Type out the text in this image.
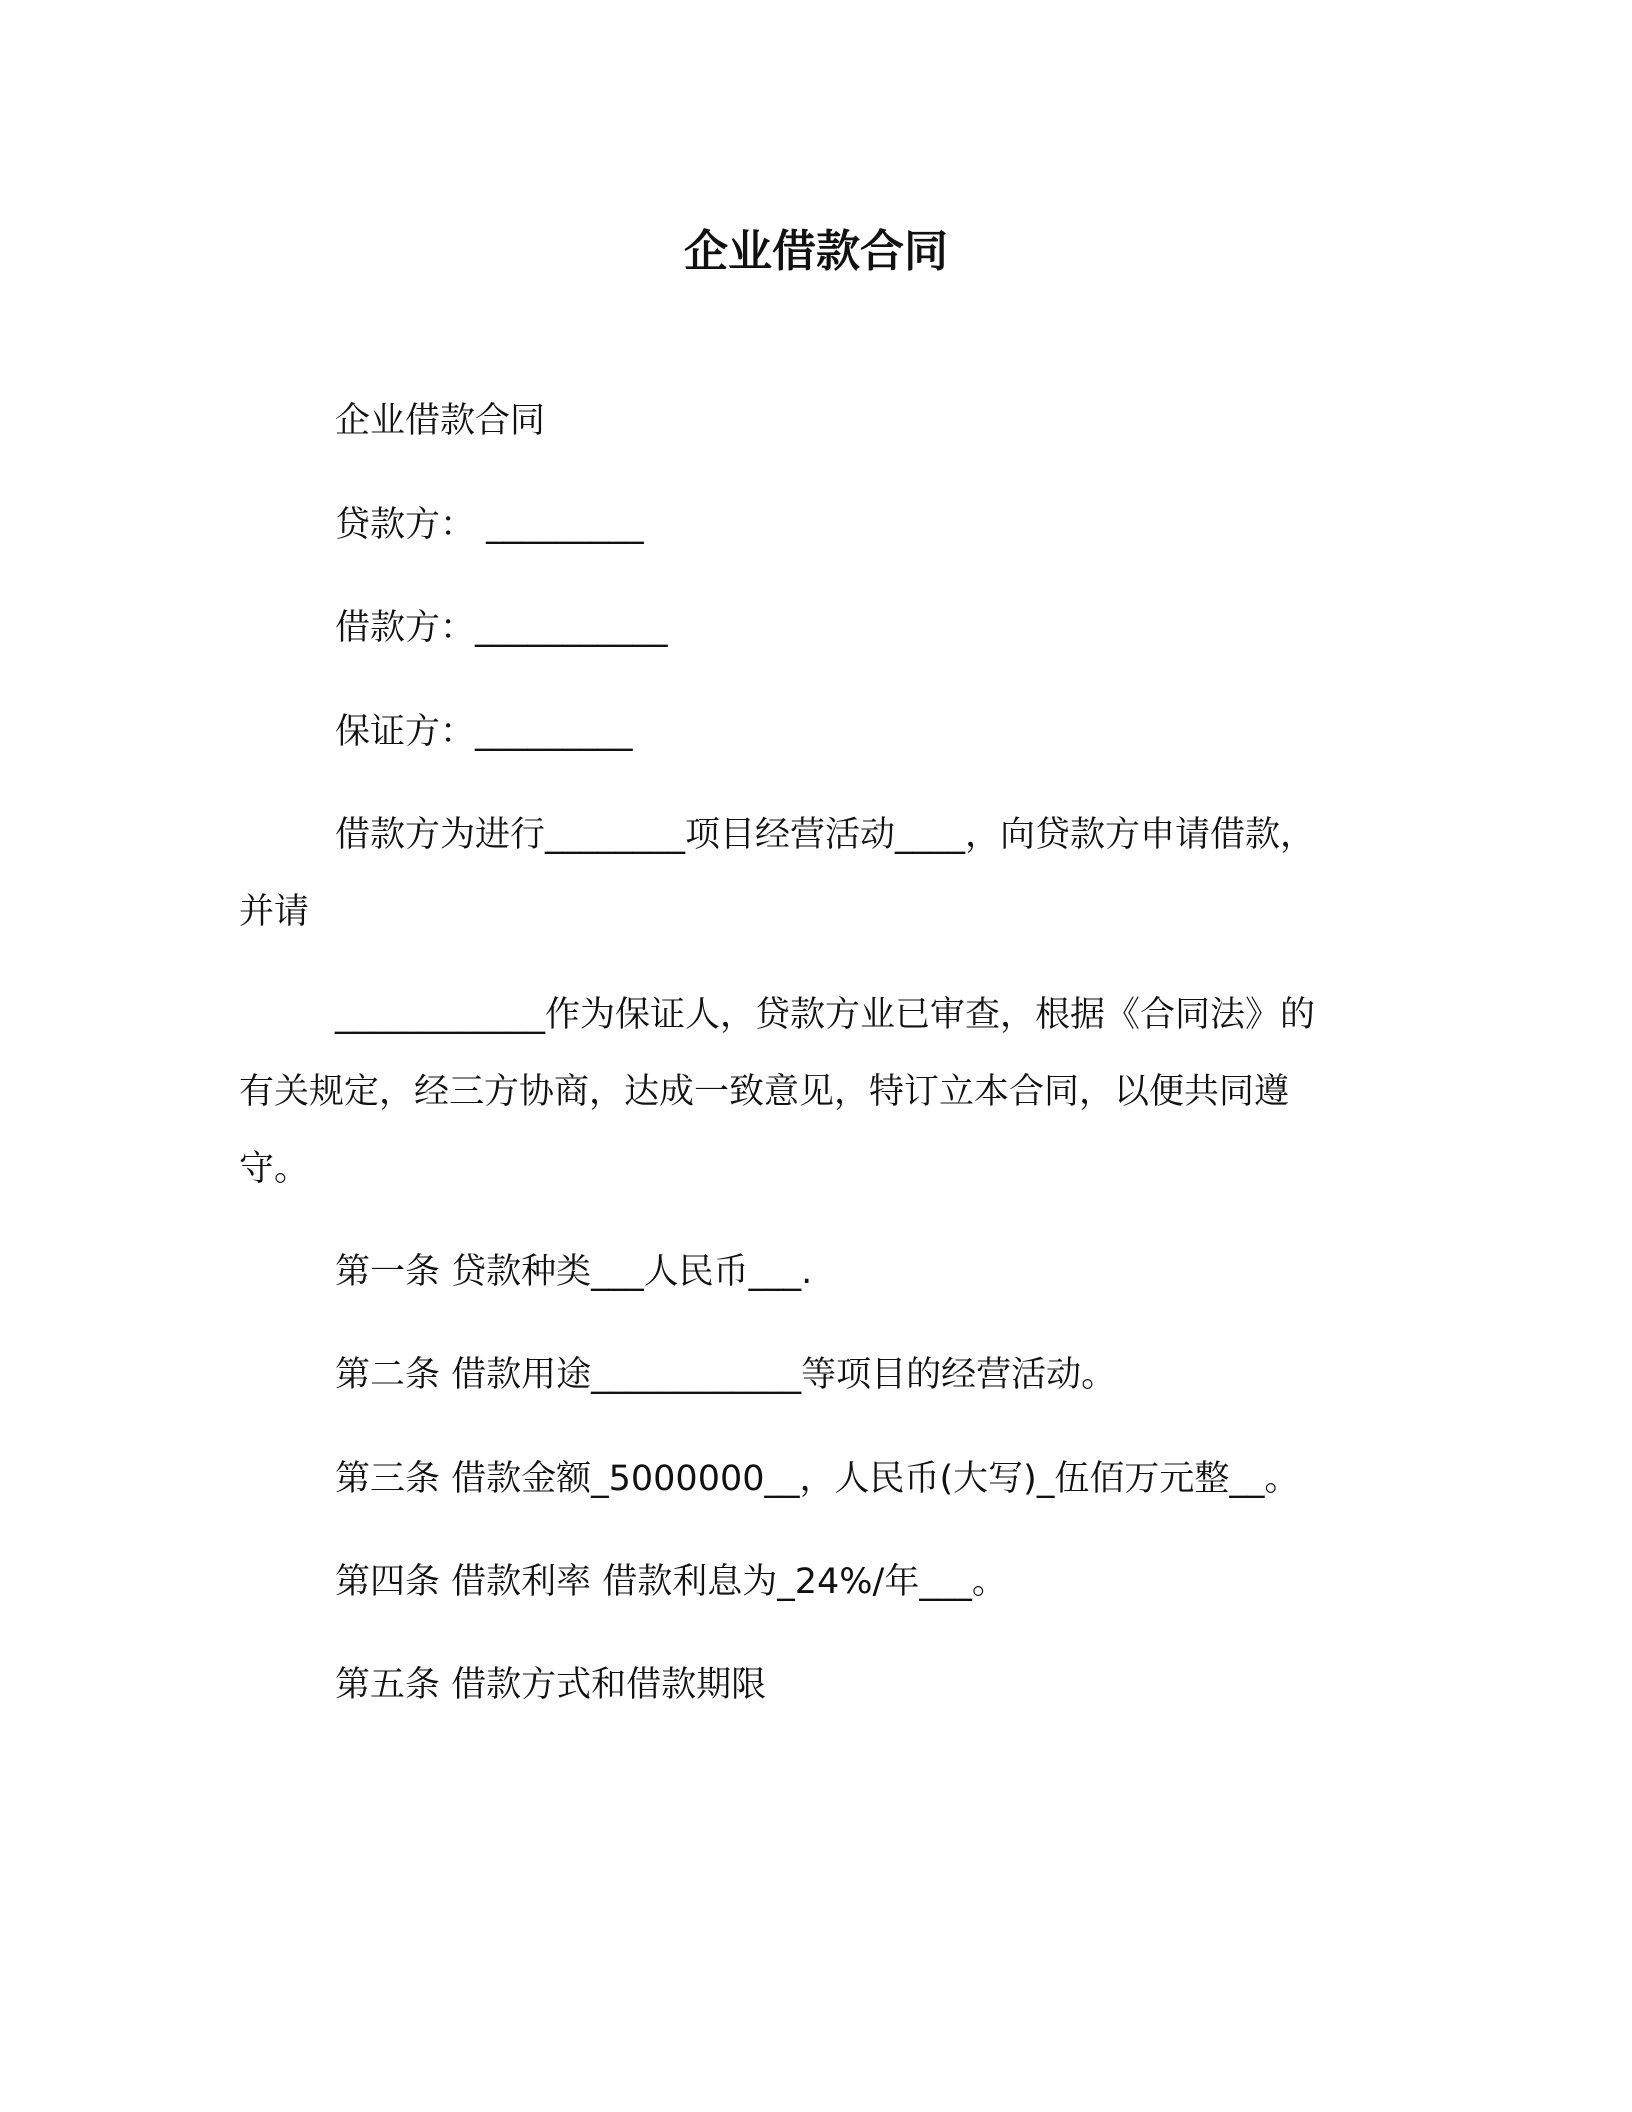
企业借款合同
企业借款合同
贷款方： _________
借款方：___________
保证方：_________
借款方为进行________项目经营活动____，向贷款方申请借款，
并请
____________作为保证人，贷款方业已审查，根据《合同法》的
有关规定，经三方协商，达成一致意见，特订立本合同，以便共同遵
守。
第一条 贷款种类___人民币___.
第二条 借款用途____________等项目的经营活动。
第三条 借款金额_5000000__，人民币(大写)_伍佰万元整__。
第四条 借款利率 借款利息为_24%/年___。
第五条 借款方式和借款期限
